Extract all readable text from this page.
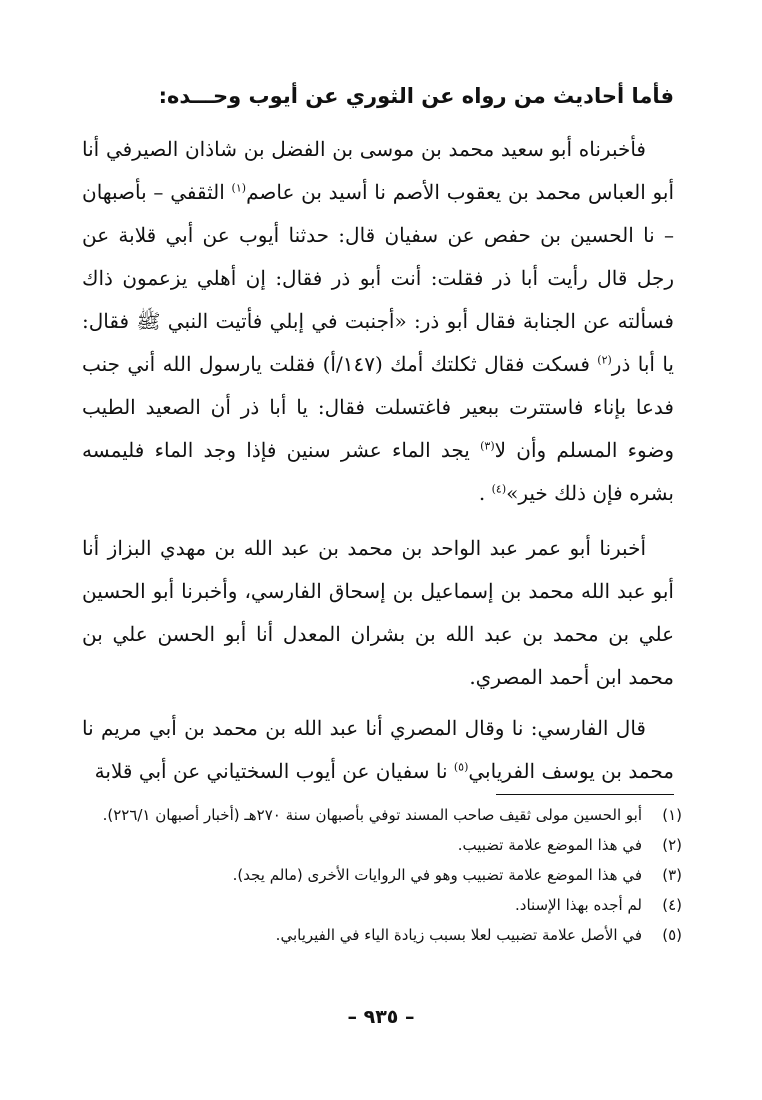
فأما أحاديث من رواه عن الثوري عن أيوب وحـــده:

فأخبرناه أبو سعيد محمد بن موسى بن الفضل بن شاذان الصيرفي أنا أبو العباس محمد بن يعقوب الأصم نا أسيد بن عاصم$^{(١)}$ الثقفي – بأصبهان – نا الحسين بن حفص عن سفيان قال: حدثنا أيوب عن أبي قلابة عن رجل قال رأيت أبا ذر فقلت: أنت أبو ذر فقال: إن أهلي يزعمون ذاك فسألته عن الجنابة فقال أبو ذر: «أجنبت في إبلي فأتيت النبي ﷺ فقال: يا أبا ذر$^{(٢)}$ فسكت فقال ثكلتك أمك (١٤٧/أ) فقلت يارسول الله أني جنب فدعا بإناء فاستترت ببعير فاغتسلت فقال: يا أبا ذر أن الصعيد الطيب وضوء المسلم وأن لا$^{(٣)}$ يجد الماء عشر سنين فإذا وجد الماء فليمسه بشره فإن ذلك خير»$^{(٤)}$ .

أخبرنا أبو عمر عبد الواحد بن محمد بن عبد الله بن مهدي البزاز أنا أبو عبد الله محمد بن إسماعيل بن إسحاق الفارسي، وأخبرنا أبو الحسين علي بن محمد بن عبد الله بن بشران المعدل أنا أبو الحسن علي بن محمد ابن أحمد المصري.

قال الفارسي: نا وقال المصري أنا عبد الله بن محمد بن أبي مريم نا محمد بن يوسف الفريابي$^{(٥)}$ نا سفيان عن أيوب السختياني عن أبي قلابة

(١)
أبو الحسين مولى ثقيف صاحب المسند توفي بأصبهان سنة ٢٧٠هـ (أخبار أصبهان ٢٢٦/١).
(٢)
في هذا الموضع علامة تضبيب.
(٣)
في هذا الموضع علامة تضبيب وهو في الروايات الأخرى (مالم يجد).
(٤)
لم أجده بهذا الإسناد.
(٥)
في الأصل علامة تضبيب لعلا بسبب زيادة الياء في الفيريابي.
– ٩٣٥ –
